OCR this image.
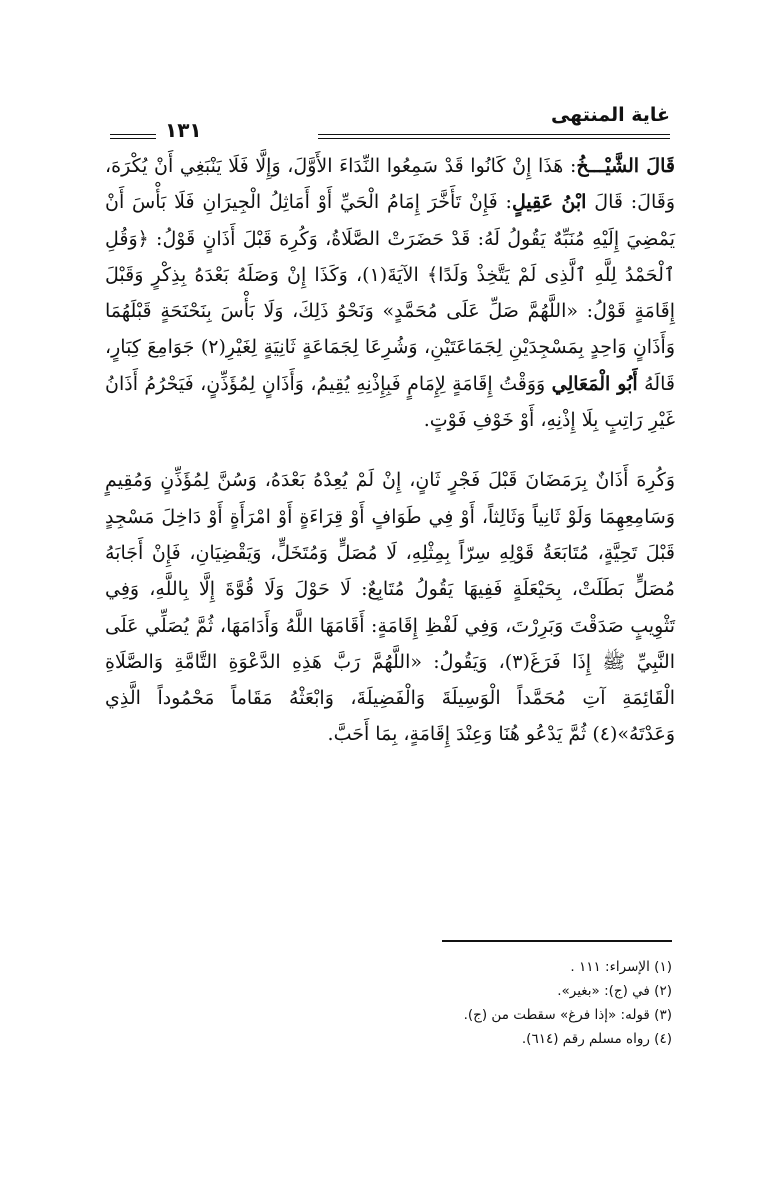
غاية المنتهى
١٣١

قَالَ الشَّيْـــخُ: هَذَا إِنْ كَانُوا قَدْ سَمِعُوا النِّدَاءَ الأَوَّلَ، وَإِلَّا فَلَا يَنْبَغِي أَنْ يُكْرَهَ، وَقَالَ: قَالَ ابْنُ عَقِيلٍ: فَإِنْ تَأَخَّرَ إِمَامُ الْحَيِّ أَوْ أَمَاثِلُ الْجِيرَانِ فَلَا بَأْسَ أَنْ يَمْضِيَ إِلَيْهِ مُنَبِّهٌ يَقُولُ لَهُ: قَدْ حَضَرَتْ الصَّلَاةُ، وَكُرِهَ قَبْلَ أَذَانٍ قَوْلُ: ﴿وَقُلِ ٱلْحَمْدُ لِلَّهِ ٱلَّذِى لَمْ يَتَّخِذْ وَلَدًا﴾ الآيَةَ(١)، وَكَذَا إِنْ وَصَلَهُ بَعْدَهُ بِذِكْرٍ وَقَبْلَ إِقَامَةٍ قَوْلُ: «اللَّهُمَّ صَلِّ عَلَى مُحَمَّدٍ» وَنَحْوُ ذَلِكَ، وَلَا بَأْسَ بِنَحْنَحَةٍ قَبْلَهُمَا وَأَذَانٍ وَاحِدٍ بِمَسْجِدَيْنِ لِجَمَاعَتَيْنِ، وَشُرِعَا لِجَمَاعَةٍ ثَانِيَةٍ لِغَيْرِ(٢) جَوَامِعَ كِبَارٍ، قَالَهُ أَبُو الْمَعَالِي وَوَقْتُ إِقَامَةٍ لِإِمَامٍ فَبِإِذْنِهِ يُقِيمُ، وَأَذَانٍ لِمُؤَذِّنٍ، فَيَحْرُمُ أَذَانُ غَيْرِ رَاتِبٍ بِلَا إِذْنِهِ، أَوْ خَوْفِ فَوْتٍ.

وَكُرِهَ أَذَانٌ بِرَمَضَانَ قَبْلَ فَجْرٍ ثَانٍ، إِنْ لَمْ يُعِدْهُ بَعْدَهُ، وَسُنَّ لِمُؤَذِّنٍ وَمُقِيمٍ وَسَامِعِهِمَا وَلَوْ ثَانِياً وَثَالِثاً، أَوْ فِي طَوَافٍ أَوْ قِرَاءَةٍ أَوْ امْرَأَةٍ أَوْ دَاخِلَ مَسْجِدٍ قَبْلَ تَحِيَّةٍ، مُتَابَعَةُ قَوْلِهِ سِرّاً بِمِثْلِهِ، لَا مُصَلٍّ وَمُتَخَلٍّ، وَيَقْضِيَانِ، فَإِنْ أَجَابَهُ مُصَلٍّ بَطَلَتْ، بِحَيْعَلَةٍ فَفِيهَا يَقُولُ مُتَابِعٌ: لَا حَوْلَ وَلَا قُوَّةَ إِلَّا بِاللَّهِ، وَفِي تَثْوِيبٍ صَدَقْتَ وَبَرِرْتَ، وَفِي لَفْظِ إِقَامَةٍ: أَقَامَهَا اللَّهُ وَأَدَامَهَا، ثُمَّ يُصَلِّي عَلَى النَّبِيِّ ﷺ إِذَا فَرَغَ(٣)، وَيَقُولُ: «اللَّهُمَّ رَبَّ هَذِهِ الدَّعْوَةِ التَّامَّةِ وَالصَّلَاةِ الْقَائِمَةِ آتِ مُحَمَّداً الْوَسِيلَةَ وَالْفَضِيلَةَ، وَابْعَثْهُ مَقَاماً مَحْمُوداً الَّذِي وَعَدْتَهُ»(٤) ثُمَّ يَدْعُو هُنَا وَعِنْدَ إِقَامَةٍ، بِمَا أَحَبَّ.

(١) الإسراء: ١١١ .
(٢) في (ج): «بغير».
(٣) قوله: «إذا فرغ» سقطت من (ج).
(٤) رواه مسلم رقم (٦١٤).
